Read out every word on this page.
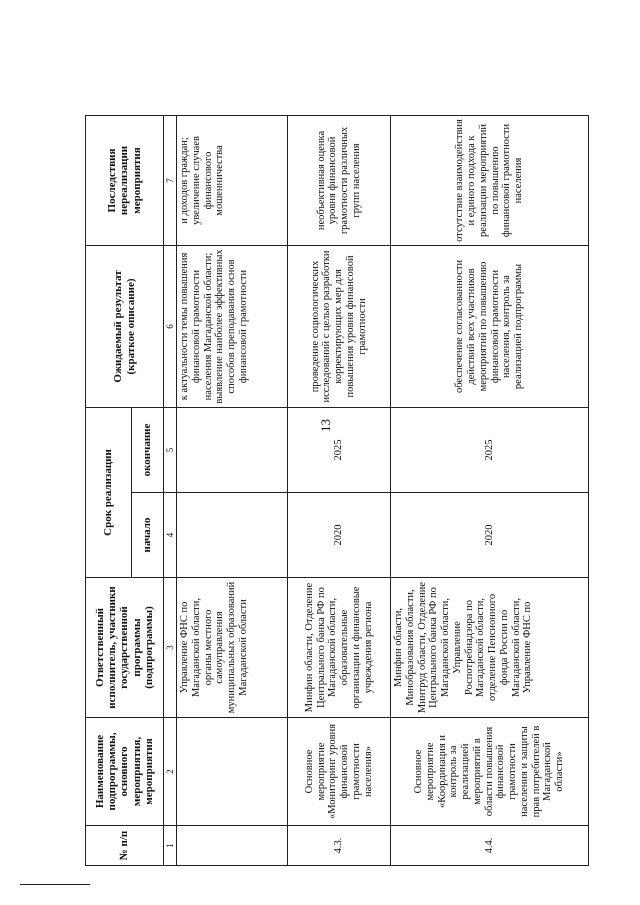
13
№ п/п	Наименование подпрограммы, основного мероприятия, мероприятия	Ответственный исполнитель, участники государственной программы (подпрограммы)	Срок реализации		Ожидаемый результат (краткое описание)	Последствия нереализации мероприятия
			начало	окончание		
1	2	3	4	5	6	7
		Управление ФНС по Магаданской области, органы местного самоуправления муниципальных образований Магаданской области			к актуальности темы повышения финансовой грамотности населения Магаданской области; выявление наиболее эффективных способов преподавания основ финансовой грамотности	и доходов граждан; увеличение случаев финансового мошенничества
4.3.	Основное мероприятие «Мониторинг уровня финансовой грамотности населения»	Минфин области, Отделение Центрального банка РФ по Магаданской области, образовательные организации и финансовые учреждения региона	2020	2025	проведение социологических исследований с целью разработки корректирующих мер для повышения уровня финансовой грамотности	необъективная оценка уровня финансовой грамотности различных групп населения
4.4.	Основное мероприятие «Координация и контроль за реализацией мероприятий в области повышения финансовой грамотности населения и защиты прав потребителей в Магаданской области»	Минфин области, Минобразования области, Минтруд области, Отделение Центрального банка РФ по Магаданской области, Управление Роспотребнадзора по Магаданской области, отделение Пенсионного фонда России по Магаданской области, Управление ФНС по	2020	2025	обеспечение согласованности действий всех участников мероприятий по повышению финансовой грамотности населения, контроль за реализацией подпрограммы	отсутствие взаимодействия и единого подхода к реализации мероприятий по повышению финансовой грамотности населения
